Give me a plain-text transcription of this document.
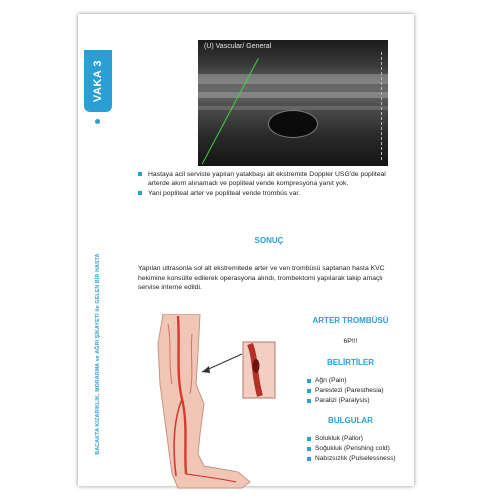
VAKA 3
BACAKTA KIZARIKLIK, MORARMA ve AĞRI ŞİKAYETİ ile GELEN BİR HASTA
(U) Vascular/ General
Hastaya acil serviste yapılan yatakbaşı alt ekstremite Doppler USG'de popliteal arterde akım alınamadı ve popliteal vende kompresyona yanıt yok.
Yani popliteal arter ve popliteal vende trombüs var.
SONUÇ
Yapılan ultrasonla sol alt ekstremitede arter ve ven trombüsü saptanan hasta KVC hekimine konsülte edilerek operasyona alındı, trombektomi yapılarak takip amaçlı servise interne edildi.
ARTER TROMBÜSÜ
6P!!!
BELİRTİLER
Ağrı (Pain)
Parestezi (Paresthesia)
Paralizi (Paralysis)
BULGULAR
Solukluk (Pallor)
Soğukluk (Perishing cold)
Nabızsızlık (Pulselessness)
